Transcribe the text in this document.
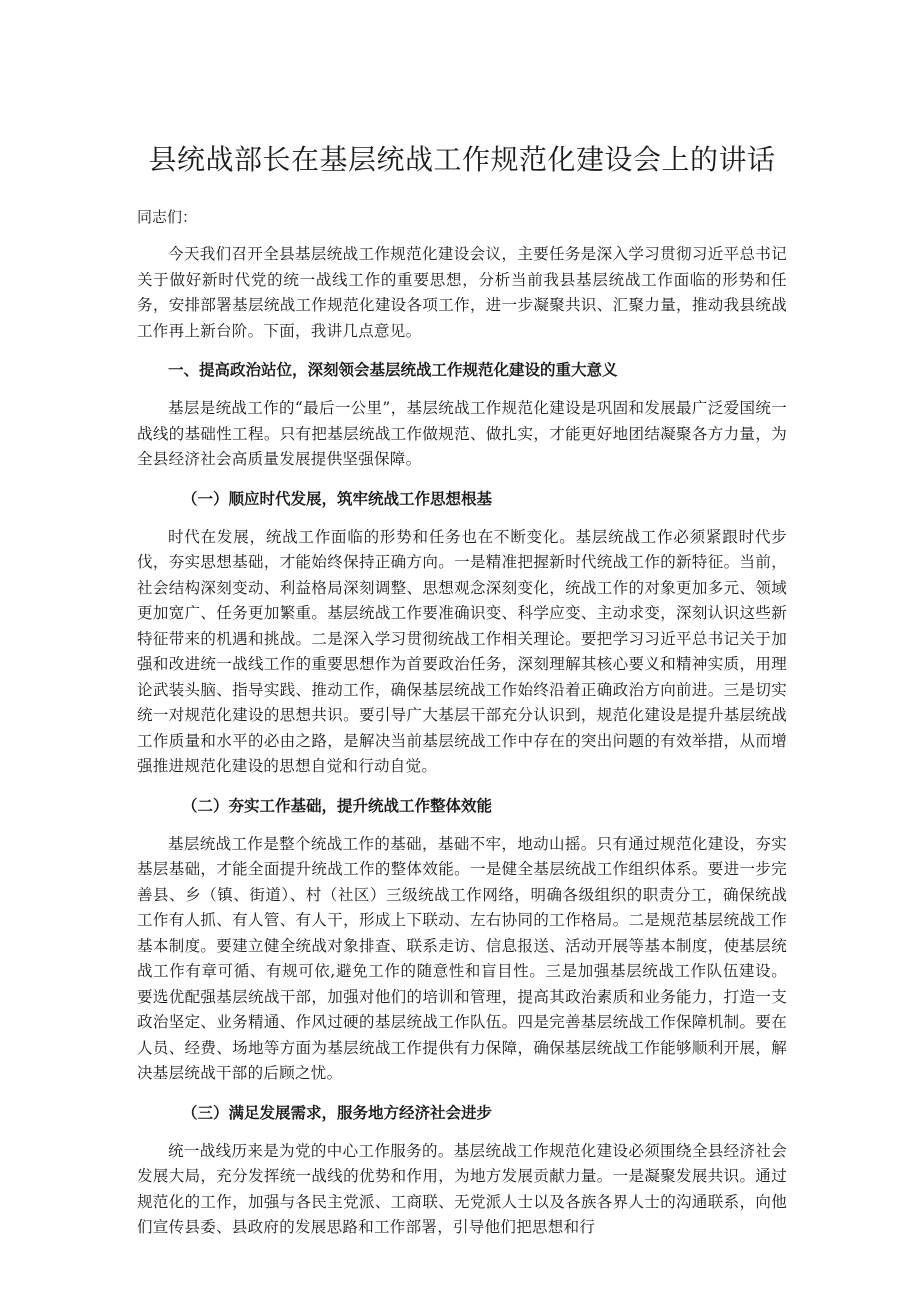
县统战部长在基层统战工作规范化建设会上的讲话

同志们：

今天我们召开全县基层统战工作规范化建设会议，主要任务是深入学习贯彻习近平总书记关于做好新时代党的统一战线工作的重要思想，分析当前我县基层统战工作面临的形势和任务，安排部署基层统战工作规范化建设各项工作，进一步凝聚共识、汇聚力量，推动我县统战工作再上新台阶。下面，我讲几点意见。

一、提高政治站位，深刻领会基层统战工作规范化建设的重大意义

基层是统战工作的“最后一公里”，基层统战工作规范化建设是巩固和发展最广泛爱国统一战线的基础性工程。只有把基层统战工作做规范、做扎实，才能更好地团结凝聚各方力量，为全县经济社会高质量发展提供坚强保障。

（一）顺应时代发展，筑牢统战工作思想根基

时代在发展，统战工作面临的形势和任务也在不断变化。基层统战工作必须紧跟时代步伐，夯实思想基础，才能始终保持正确方向。一是精准把握新时代统战工作的新特征。当前，社会结构深刻变动、利益格局深刻调整、思想观念深刻变化，统战工作的对象更加多元、领域更加宽广、任务更加繁重。基层统战工作要准确识变、科学应变、主动求变，深刻认识这些新特征带来的机遇和挑战。二是深入学习贯彻统战工作相关理论。要把学习习近平总书记关于加强和改进统一战线工作的重要思想作为首要政治任务，深刻理解其核心要义和精神实质，用理论武装头脑、指导实践、推动工作，确保基层统战工作始终沿着正确政治方向前进。三是切实统一对规范化建设的思想共识。要引导广大基层干部充分认识到，规范化建设是提升基层统战工作质量和水平的必由之路，是解决当前基层统战工作中存在的突出问题的有效举措，从而增强推进规范化建设的思想自觉和行动自觉。

（二）夯实工作基础，提升统战工作整体效能

基层统战工作是整个统战工作的基础，基础不牢，地动山摇。只有通过规范化建设，夯实基层基础，才能全面提升统战工作的整体效能。一是健全基层统战工作组织体系。要进一步完善县、乡（镇、街道）、村（社区）三级统战工作网络，明确各级组织的职责分工，确保统战工作有人抓、有人管、有人干，形成上下联动、左右协同的工作格局。二是规范基层统战工作基本制度。要建立健全统战对象排查、联系走访、信息报送、活动开展等基本制度，使基层统战工作有章可循、有规可依,避免工作的随意性和盲目性。三是加强基层统战工作队伍建设。要选优配强基层统战干部，加强对他们的培训和管理，提高其政治素质和业务能力，打造一支政治坚定、业务精通、作风过硬的基层统战工作队伍。四是完善基层统战工作保障机制。要在人员、经费、场地等方面为基层统战工作提供有力保障，确保基层统战工作能够顺利开展，解决基层统战干部的后顾之忧。

（三）满足发展需求，服务地方经济社会进步

统一战线历来是为党的中心工作服务的。基层统战工作规范化建设必须围绕全县经济社会发展大局，充分发挥统一战线的优势和作用，为地方发展贡献力量。一是凝聚发展共识。通过规范化的工作，加强与各民主党派、工商联、无党派人士以及各族各界人士的沟通联系，向他们宣传县委、县政府的发展思路和工作部署，引导他们把思想和行
